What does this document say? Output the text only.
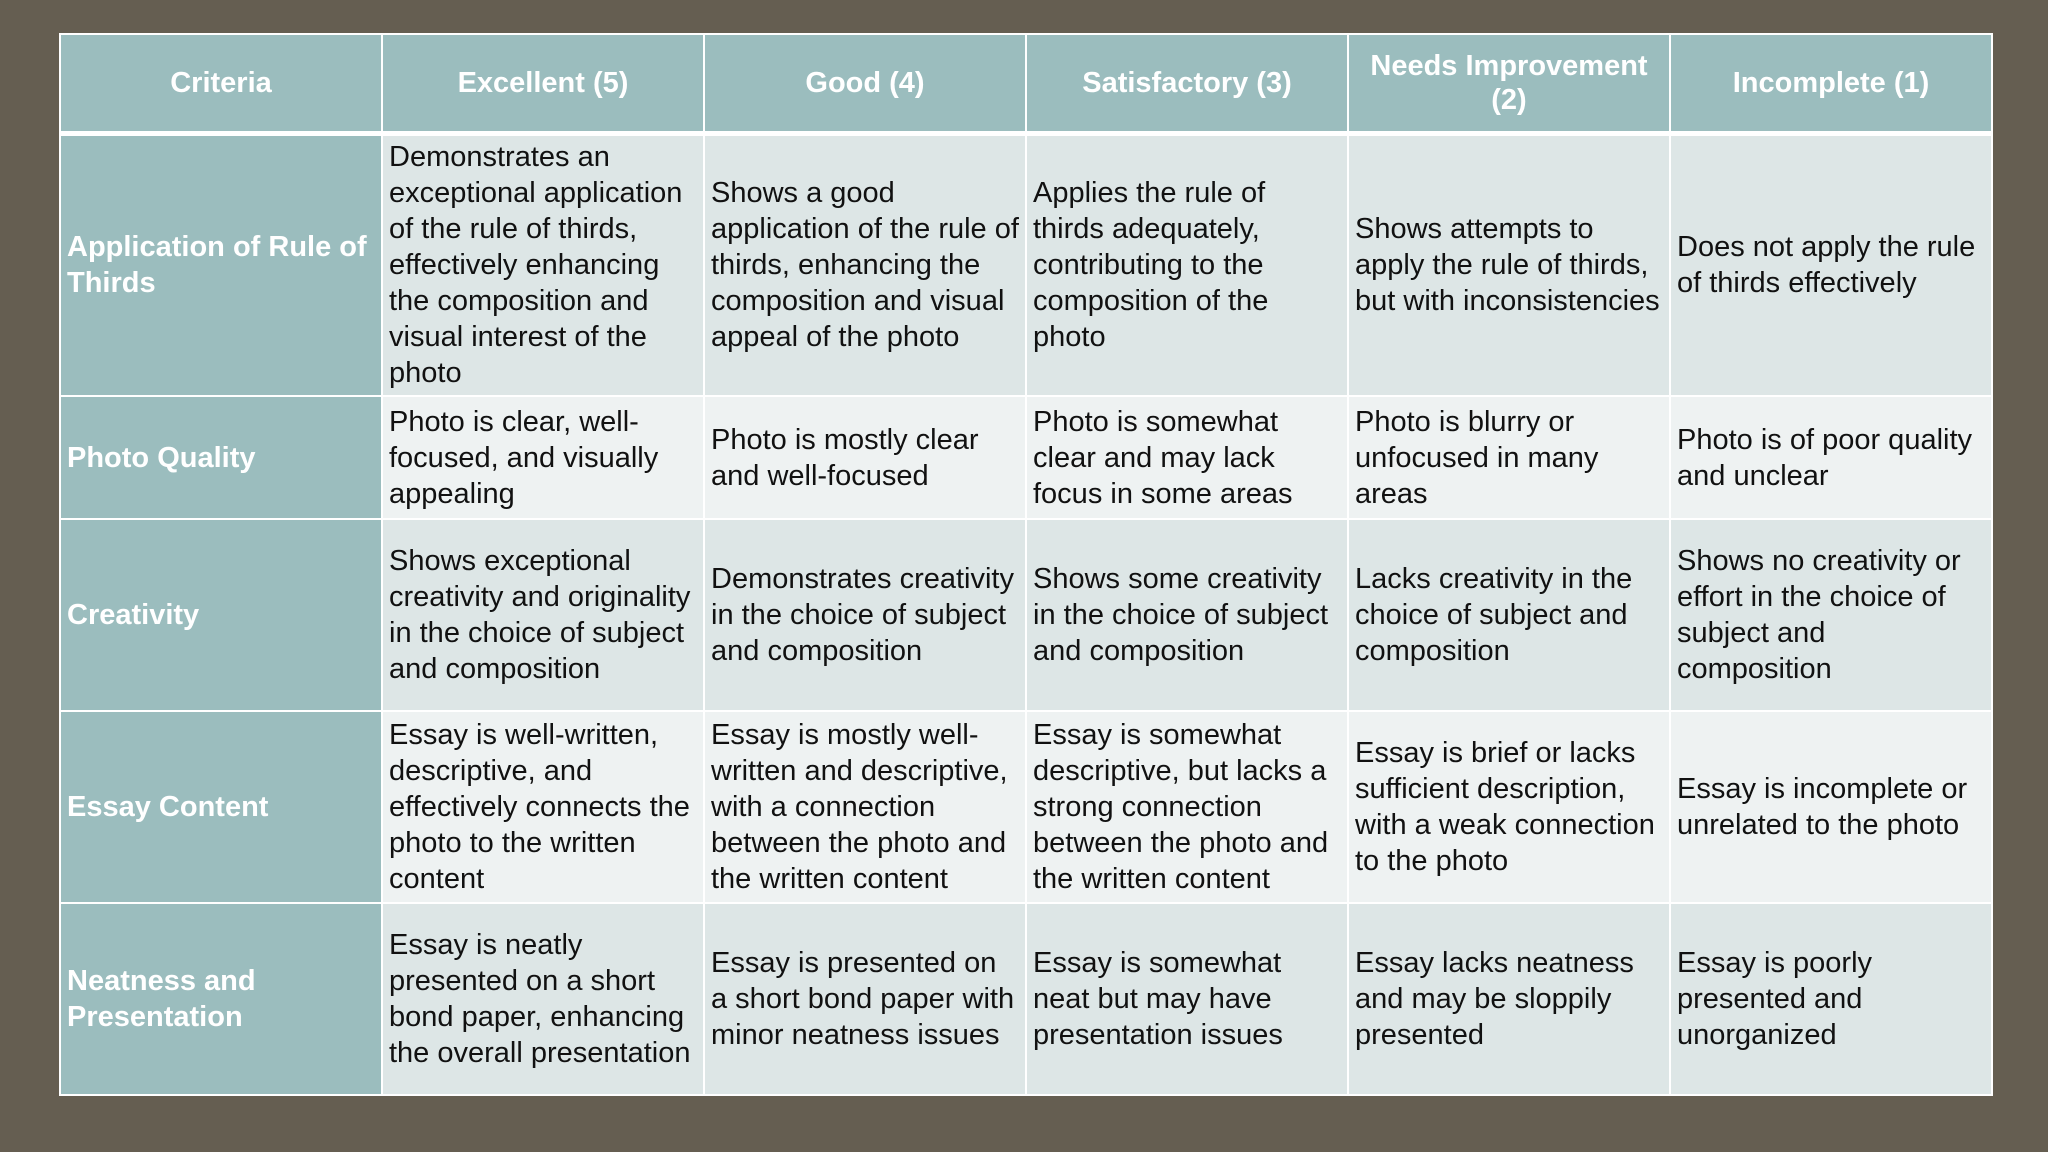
Criteria	Excellent (5)	Good (4)	Satisfactory (3)	Needs Improvement (2)	Incomplete (1)
Application of Rule of Thirds	Demonstrates an exceptional application of the rule of thirds, effectively enhancing the composition and visual interest of the photo	Shows a good application of the rule of thirds, enhancing the composition and visual appeal of the photo	Applies the rule of thirds adequately, contributing to the composition of the photo	Shows attempts to apply the rule of thirds, but with inconsistencies	Does not apply the rule of thirds effectively
Photo Quality	Photo is clear, well-focused, and visually appealing	Photo is mostly clear and well-focused	Photo is somewhat clear and may lack focus in some areas	Photo is blurry or unfocused in many areas	Photo is of poor quality and unclear
Creativity	Shows exceptional creativity and originality in the choice of subject and composition	Demonstrates creativity in the choice of subject and composition	Shows some creativity in the choice of subject and composition	Lacks creativity in the choice of subject and composition	Shows no creativity or effort in the choice of subject and composition
Essay Content	Essay is well-written, descriptive, and effectively connects the photo to the written content	Essay is mostly well-written and descriptive, with a connection between the photo and the written content	Essay is somewhat descriptive, but lacks a strong connection between the photo and the written content	Essay is brief or lacks sufficient description, with a weak connection to the photo	Essay is incomplete or unrelated to the photo
Neatness and Presentation	Essay is neatly presented on a short bond paper, enhancing the overall presentation	Essay is presented on a short bond paper with minor neatness issues	Essay is somewhat neat but may have presentation issues	Essay lacks neatness and may be sloppily presented	Essay is poorly presented and unorganized
